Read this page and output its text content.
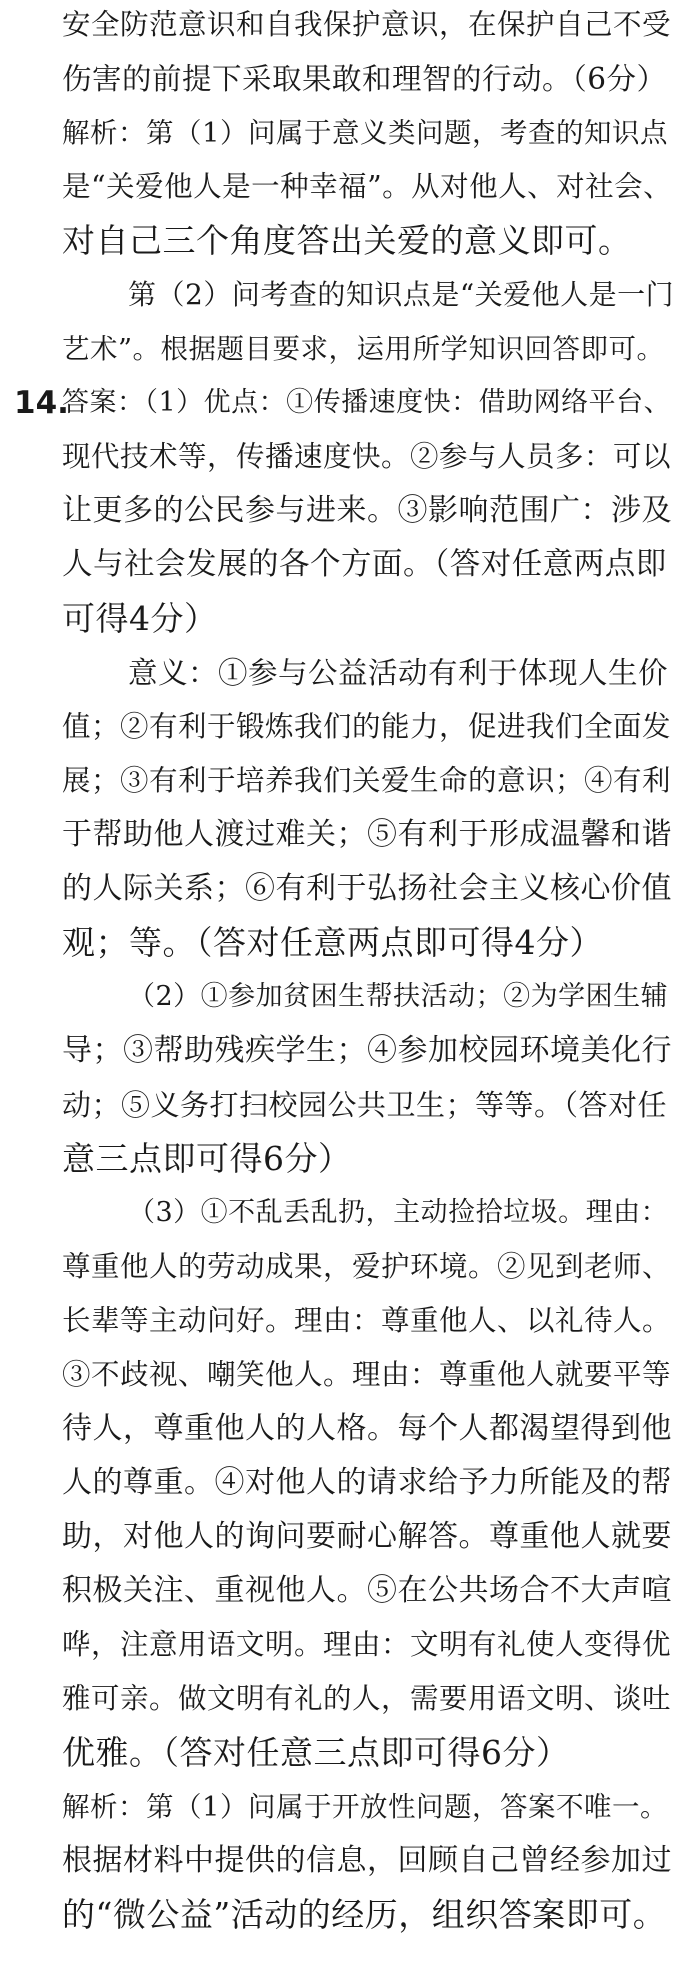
安全防范意识和自我保护意识，在保护自己不受
伤害的前提下采取果敢和理智的行动。（6分）
解析：第（1）问属于意义类问题，考查的知识点
是“关爱他人是一种幸福”。从对他人、对社会、
对自己三个角度答出关爱的意义即可。
第（2）问考查的知识点是“关爱他人是一门
艺术”。根据题目要求，运用所学知识回答即可。
14.
答案：（1）优点：①传播速度快：借助网络平台、
现代技术等，传播速度快。②参与人员多：可以
让更多的公民参与进来。③影响范围广：涉及
人与社会发展的各个方面。（答对任意两点即
可得4分）
意义：①参与公益活动有利于体现人生价
值；②有利于锻炼我们的能力，促进我们全面发
展；③有利于培养我们关爱生命的意识；④有利
于帮助他人渡过难关；⑤有利于形成温馨和谐
的人际关系；⑥有利于弘扬社会主义核心价值
观；等。（答对任意两点即可得4分）
（2）①参加贫困生帮扶活动；②为学困生辅
导；③帮助残疾学生；④参加校园环境美化行
动；⑤义务打扫校园公共卫生；等等。（答对任
意三点即可得6分）
（3）①不乱丢乱扔，主动捡拾垃圾。理由：
尊重他人的劳动成果，爱护环境。②见到老师、
长辈等主动问好。理由：尊重他人、以礼待人。
③不歧视、嘲笑他人。理由：尊重他人就要平等
待人，尊重他人的人格。每个人都渴望得到他
人的尊重。④对他人的请求给予力所能及的帮
助，对他人的询问要耐心解答。尊重他人就要
积极关注、重视他人。⑤在公共场合不大声喧
哗，注意用语文明。理由：文明有礼使人变得优
雅可亲。做文明有礼的人，需要用语文明、谈吐
优雅。（答对任意三点即可得6分）
解析：第（1）问属于开放性问题，答案不唯一。
根据材料中提供的信息，回顾自己曾经参加过
的“微公益”活动的经历，组织答案即可。
